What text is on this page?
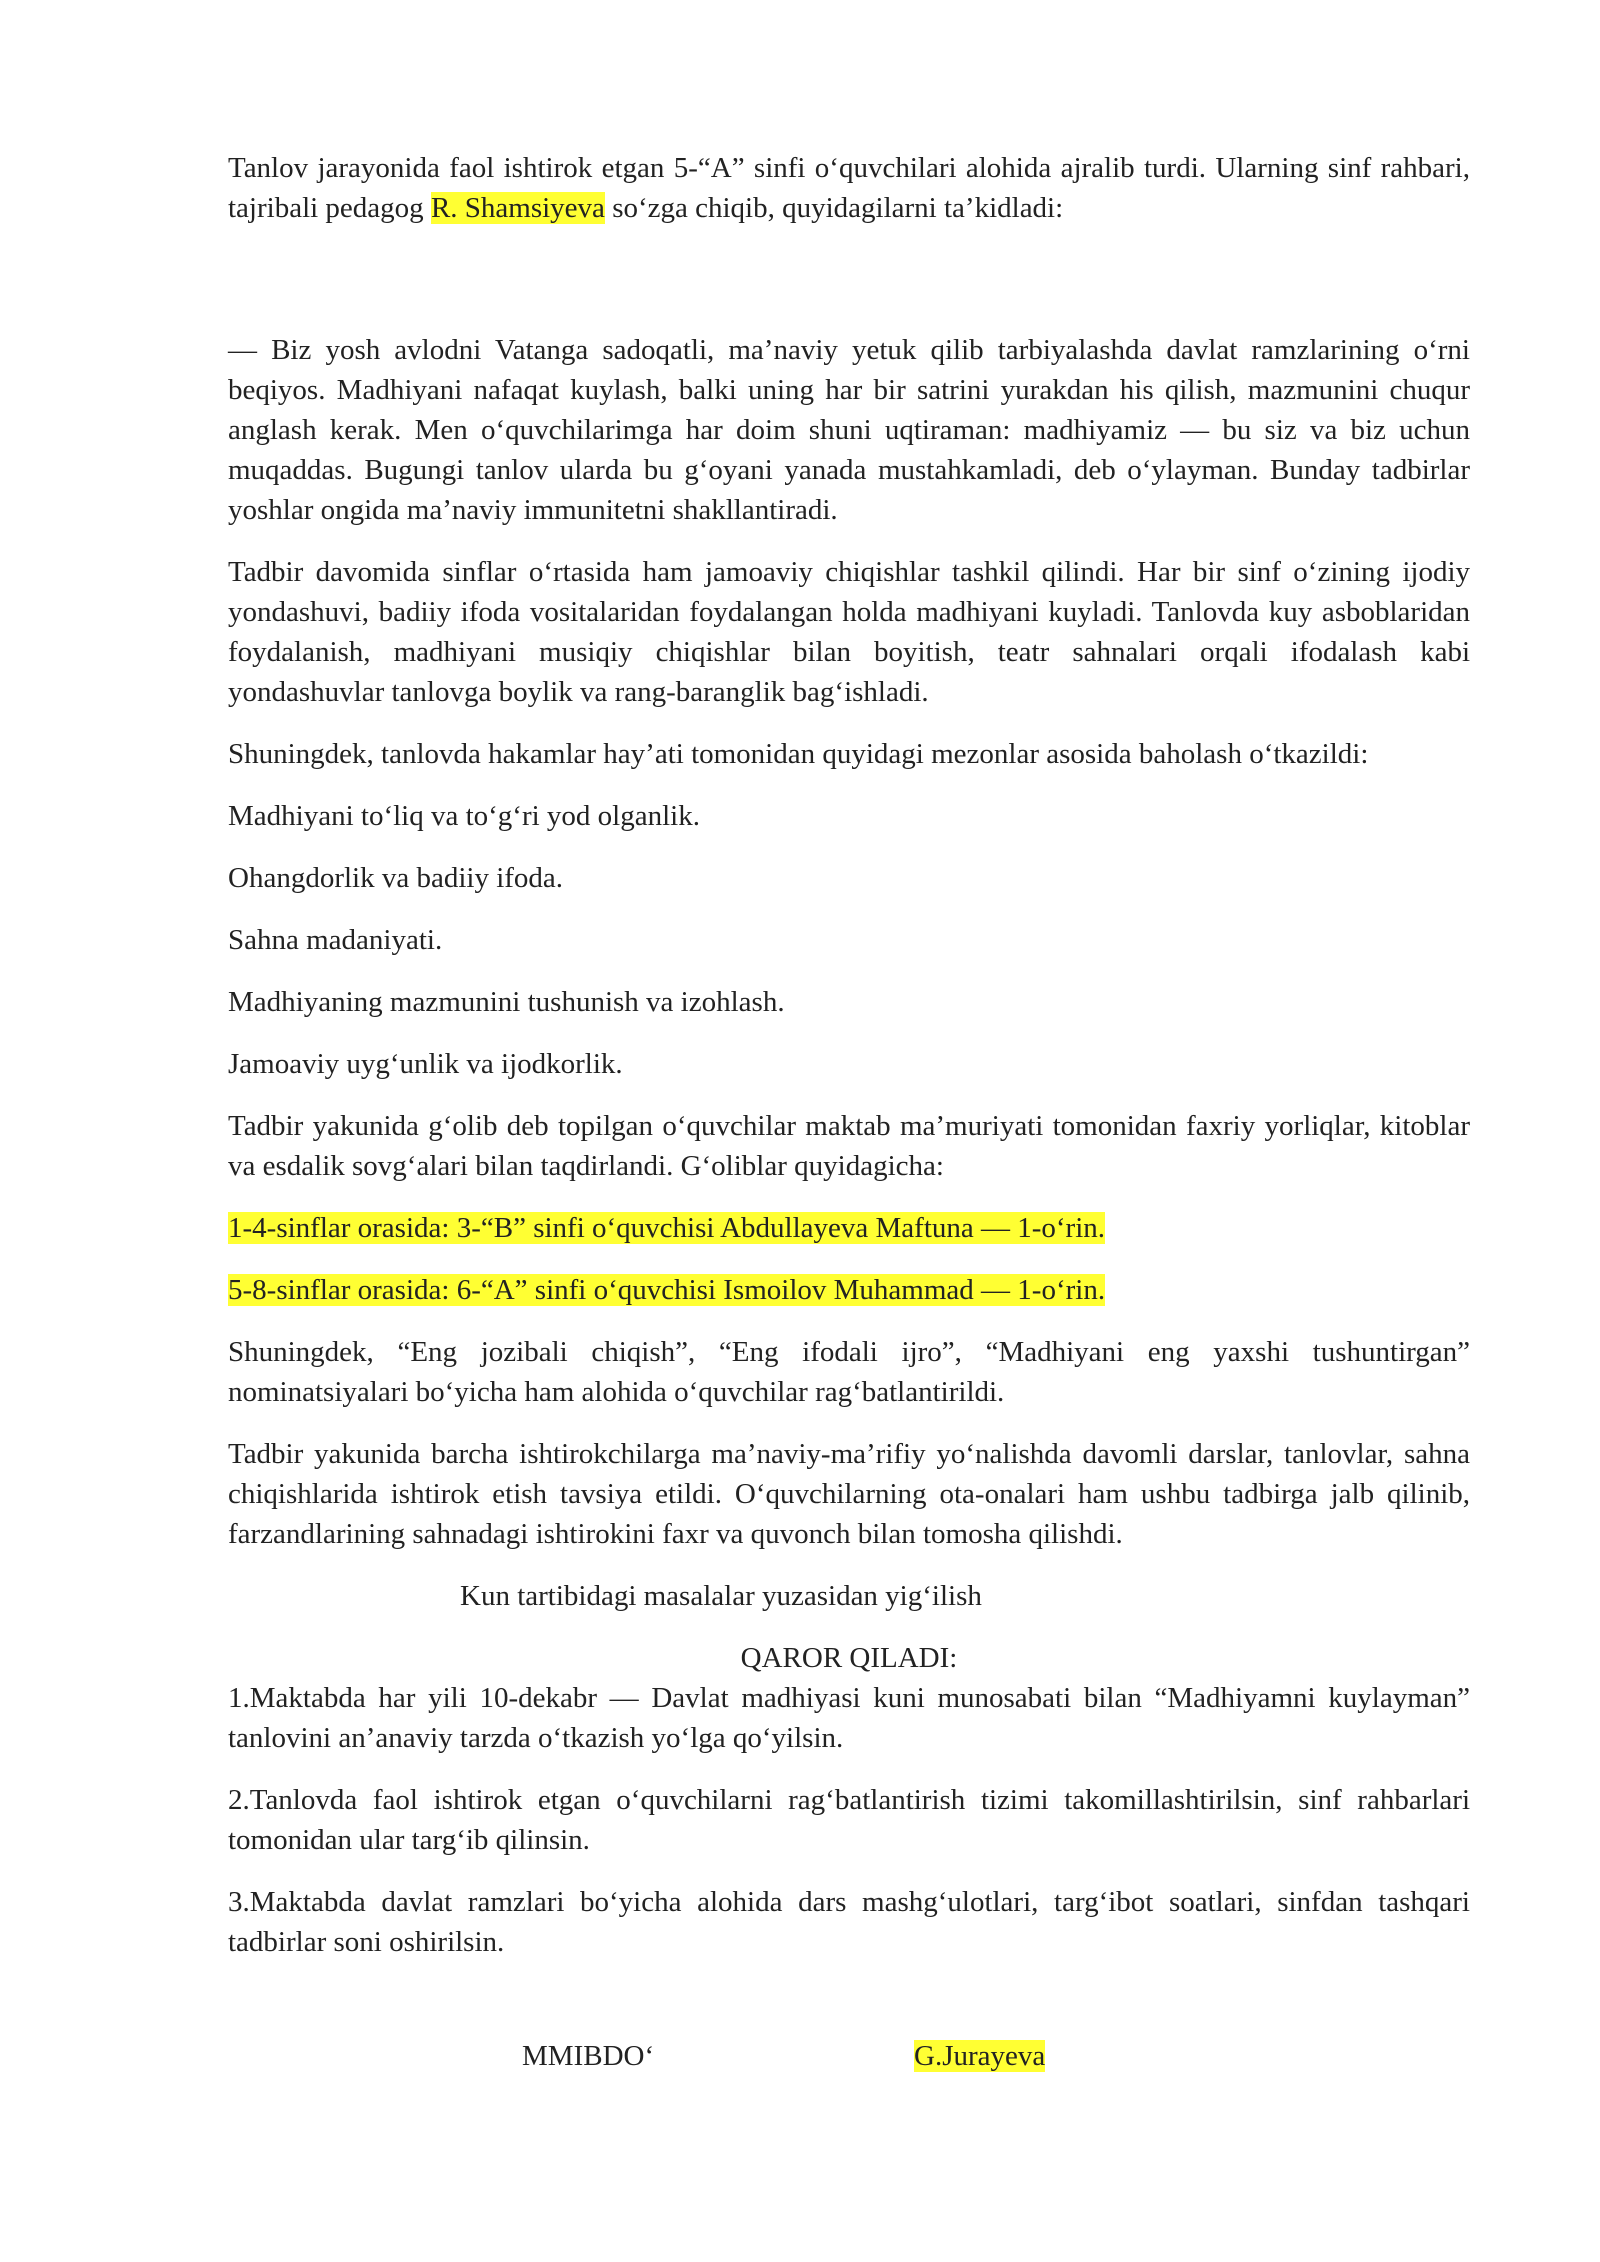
Tanlov jarayonida faol ishtirok etgan 5-“A” sinfi oʻquvchilari alohida ajralib turdi. Ularning sinf rahbari, tajribali pedagog R. Shamsiyeva soʻzga chiqib, quyidagilarni taʼkidladi:

— Biz yosh avlodni Vatanga sadoqatli, maʼnaviy yetuk qilib tarbiyalashda davlat ramzlarining oʻrni beqiyos. Madhiyani nafaqat kuylash, balki uning har bir satrini yurakdan his qilish, mazmunini chuqur anglash kerak. Men oʻquvchilarimga har doim shuni uqtiraman: madhiyamiz — bu siz va biz uchun muqaddas. Bugungi tanlov ularda bu gʻoyani yanada mustahkamladi, deb oʻylayman. Bunday tadbirlar yoshlar ongida maʼnaviy immunitetni shakllantiradi.

Tadbir davomida sinflar oʻrtasida ham jamoaviy chiqishlar tashkil qilindi. Har bir sinf oʻzining ijodiy yondashuvi, badiiy ifoda vositalaridan foydalangan holda madhiyani kuyladi. Tanlovda kuy asboblaridan foydalanish, madhiyani musiqiy chiqishlar bilan boyitish, teatr sahnalari orqali ifodalash kabi yondashuvlar tanlovga boylik va rang-baranglik bagʻishladi.

Shuningdek, tanlovda hakamlar hayʼati tomonidan quyidagi mezonlar asosida baholash oʻtkazildi:

Madhiyani toʻliq va toʻgʻri yod olganlik.

Ohangdorlik va badiiy ifoda.

Sahna madaniyati.

Madhiyaning mazmunini tushunish va izohlash.

Jamoaviy uygʻunlik va ijodkorlik.

Tadbir yakunida gʻolib deb topilgan oʻquvchilar maktab maʼmuriyati tomonidan faxriy yorliqlar, kitoblar va esdalik sovgʻalari bilan taqdirlandi. Gʻoliblar quyidagicha:

1-4-sinflar orasida: 3-“B” sinfi oʻquvchisi Abdullayeva Maftuna — 1-oʻrin.

5-8-sinflar orasida: 6-“A” sinfi oʻquvchisi Ismoilov Muhammad — 1-oʻrin.

Shuningdek, “Eng jozibali chiqish”, “Eng ifodali ijro”, “Madhiyani eng yaxshi tushuntirgan” nominatsiyalari boʻyicha ham alohida oʻquvchilar ragʻbatlantirildi.

Tadbir yakunida barcha ishtirokchilarga maʼnaviy-maʼrifiy yoʻnalishda davomli darslar, tanlovlar, sahna chiqishlarida ishtirok etish tavsiya etildi. Oʻquvchilarning ota-onalari ham ushbu tadbirga jalb qilinib, farzandlarining sahnadagi ishtirokini faxr va quvonch bilan tomosha qilishdi.

Kun tartibidagi masalalar yuzasidan yigʻilish

QAROR QILADI:

1.Maktabda har yili 10-dekabr — Davlat madhiyasi kuni munosabati bilan “Madhiyamni kuylayman” tanlovini anʼanaviy tarzda oʻtkazish yoʻlga qoʻyilsin.

2.Tanlovda faol ishtirok etgan oʻquvchilarni ragʻbatlantirish tizimi takomillashtirilsin, sinf rahbarlari tomonidan ular targʻib qilinsin.

3.Maktabda davlat ramzlari boʻyicha alohida dars mashgʻulotlari, targʻibot soatlari, sinfdan tashqari tadbirlar soni oshirilsin.

MMIBDOʻ	G.Jurayeva
